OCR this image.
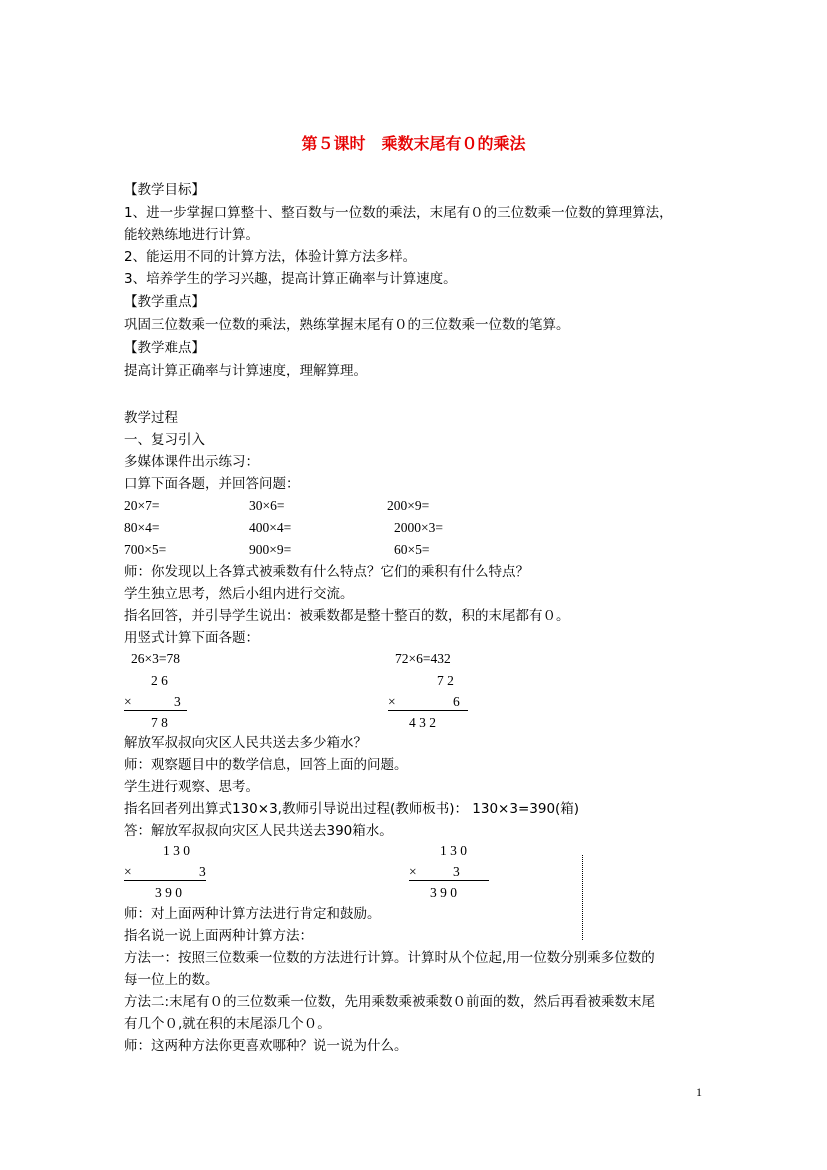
第５课时　乘数末尾有０的乘法
【教学目标】
1、进一步掌握口算整十、整百数与一位数的乘法，末尾有０的三位数乘一位数的算理算法，
能较熟练地进行计算。
2、能运用不同的计算方法，体验计算方法多样。
3、培养学生的学习兴趣，提高计算正确率与计算速度。
【教学重点】
巩固三位数乘一位数的乘法，熟练掌握末尾有０的三位数乘一位数的笔算。
【教学难点】
提高计算正确率与计算速度，理解算理。
教学过程
一、复习引入
多媒体课件出示练习：
口算下面各题，并回答问题：
20×7=	30×6=	200×9=
80×4=	400×4=	2000×3=
700×5=	900×9=	60×5=
师：你发现以上各算式被乘数有什么特点？它们的乘积有什么特点？
学生独立思考，然后小组内进行交流。
指名回答，并引导学生说出：被乘数都是整十整百的数，积的末尾都有０。
用竖式计算下面各题：
26×3=78
2 6
×	3
7 8
72×6=432
7 2
×	6
4 3 2
解放军叔叔向灾区人民共送去多少箱水？
师：观察题目中的数学信息，回答上面的问题。
学生进行观察、思考。
指名回者列出算式130×3,教师引导说出过程(教师板书)： 130×3=390(箱)
答：解放军叔叔向灾区人民共送去390箱水。
1 3 0
×	3
3 9 0
1 3 0
×	3
3 9 0
师：对上面两种计算方法进行肯定和鼓励。
指名说一说上面两种计算方法：
方法一：按照三位数乘一位数的方法进行计算。计算时从个位起,用一位数分别乘多位数的
每一位上的数。
方法二:末尾有０的三位数乘一位数，先用乘数乘被乘数０前面的数，然后再看被乘数末尾
有几个０,就在积的末尾添几个０。
师：这两种方法你更喜欢哪种？说一说为什么。
1
